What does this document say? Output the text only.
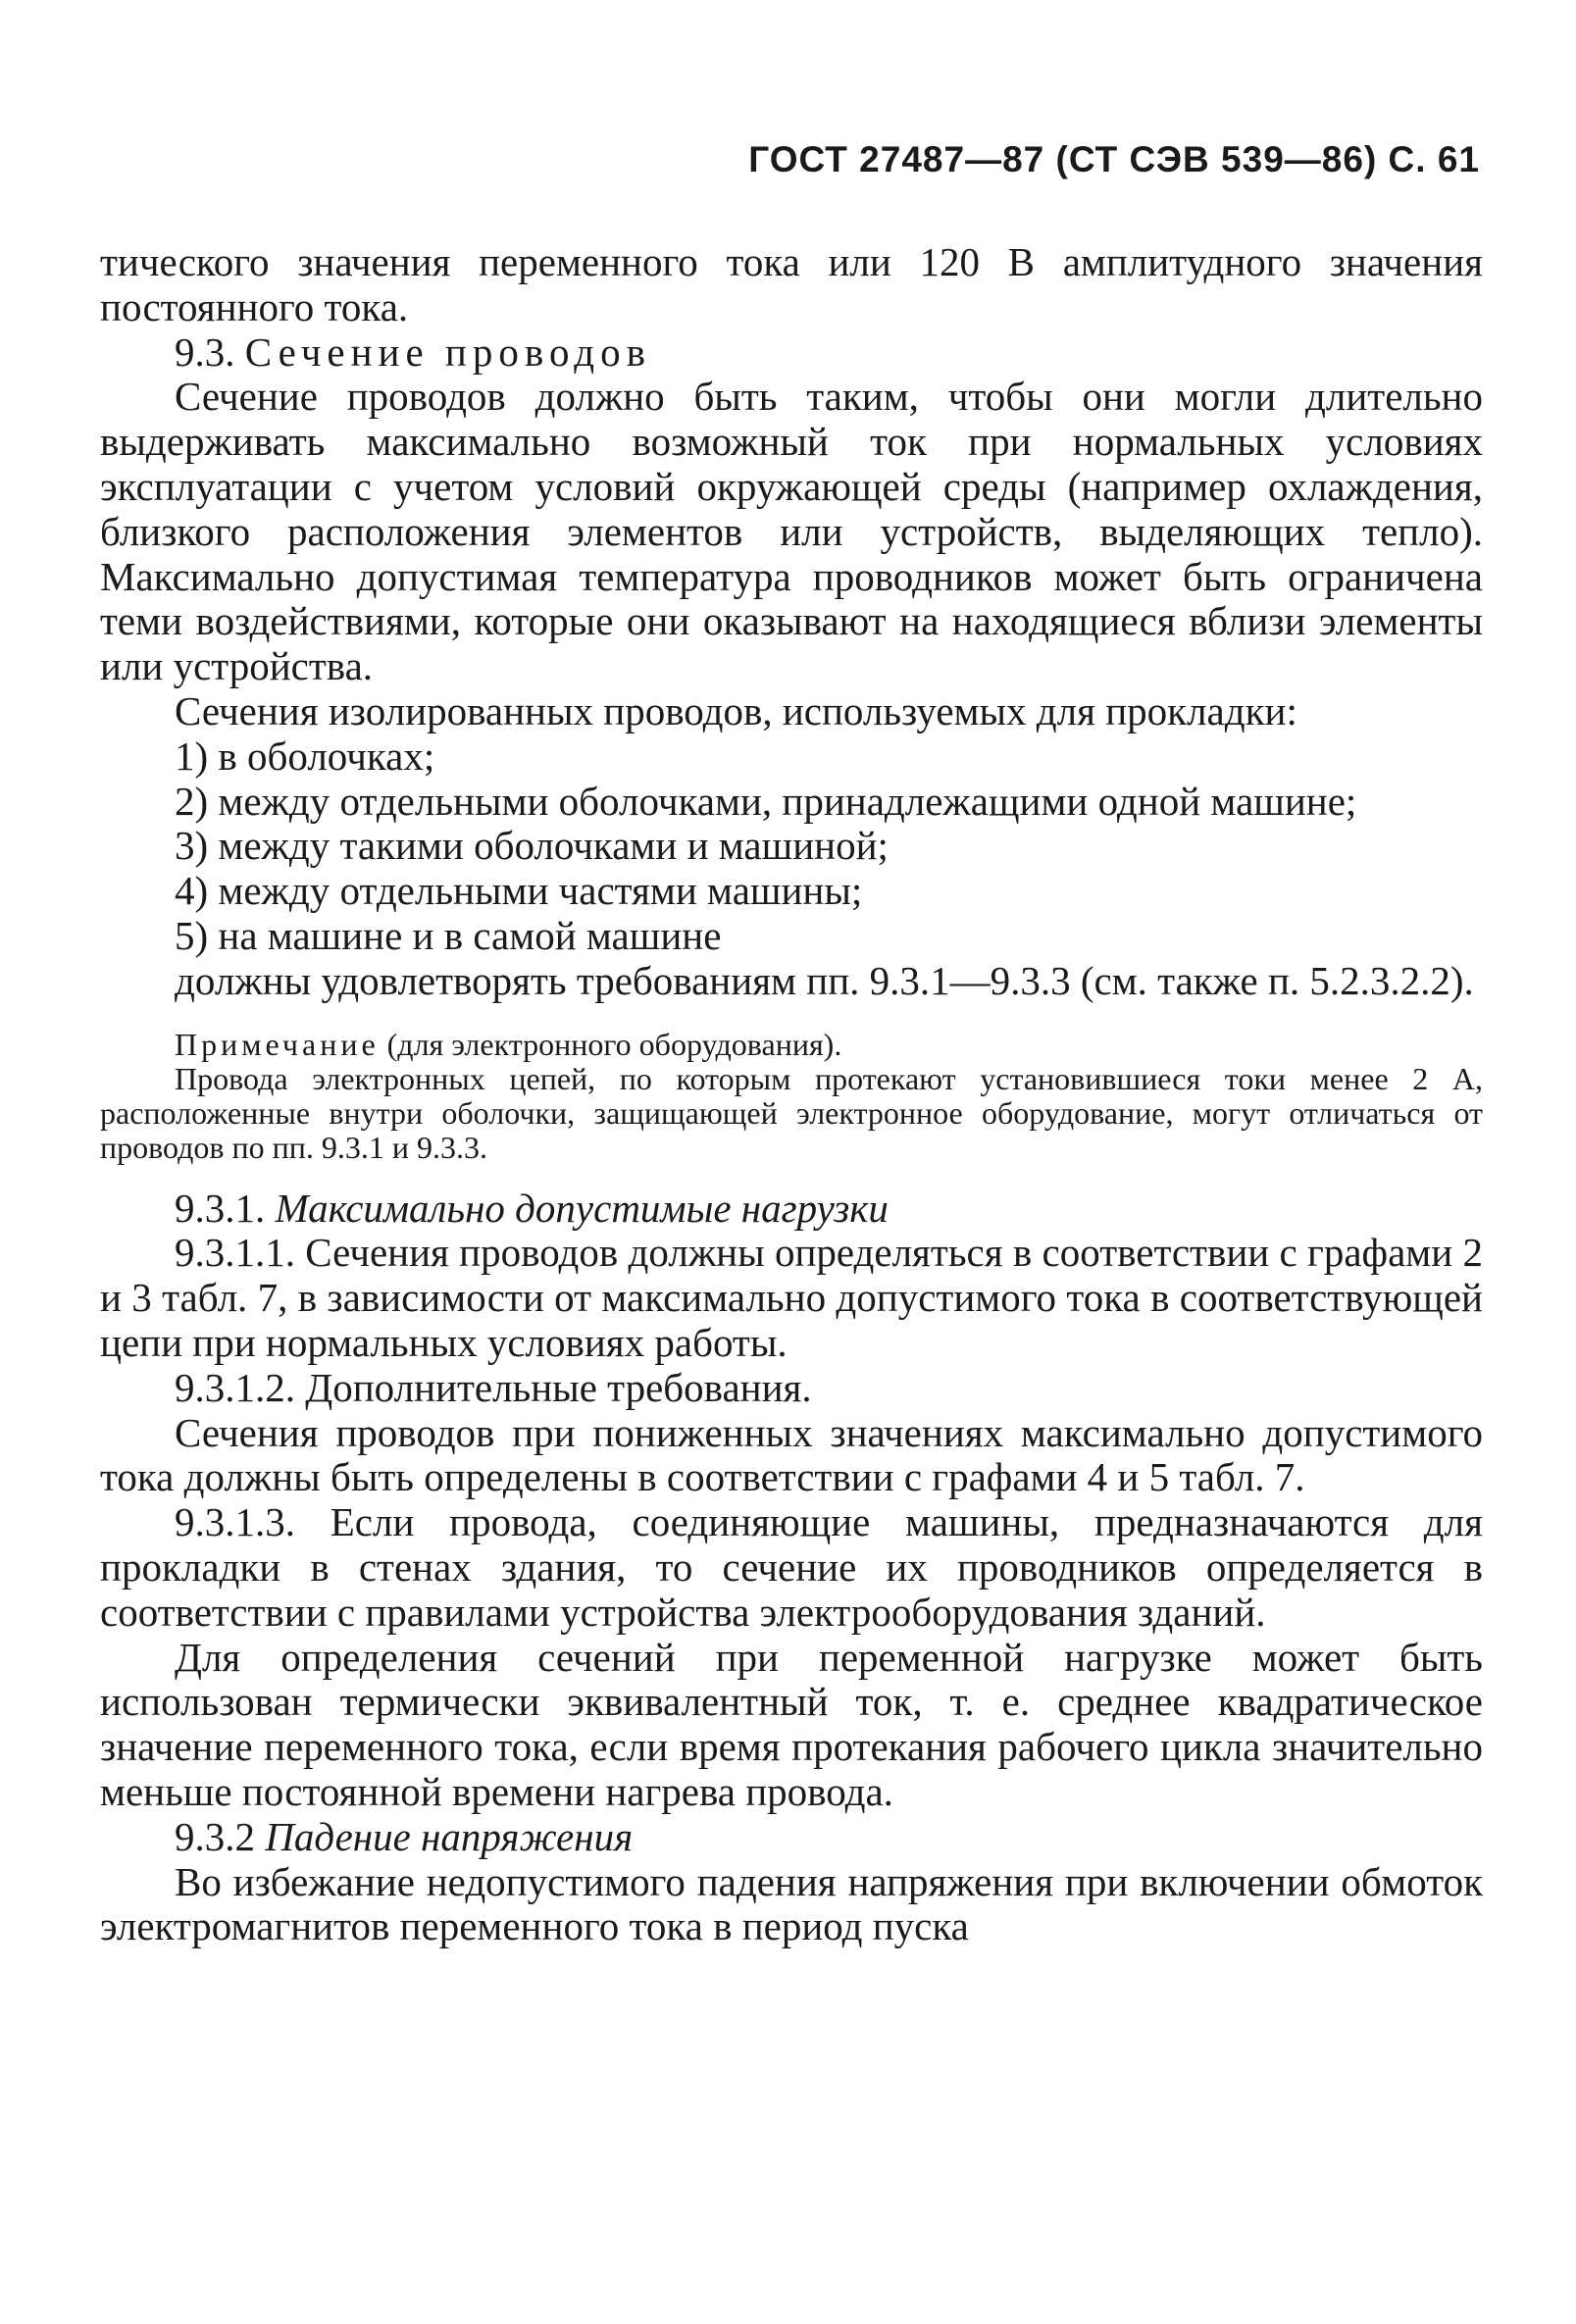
ГОСТ 27487—87 (СТ СЭВ 539—86) С. 61

тического значения переменного тока или 120 В амплитудного значения постоянного тока.

9.3. Сечение проводов

Сечение проводов должно быть таким, чтобы они могли длительно выдерживать максимально возможный ток при нормальных условиях эксплуатации с учетом условий окружающей среды (например охлаждения, близкого расположения элементов или устройств, выделяющих тепло). Максимально допустимая температура проводников может быть ограничена теми воздействиями, которые они оказывают на находящиеся вблизи элементы или устройства.

Сечения изолированных проводов, используемых для прокладки:

1) в оболочках;

2) между отдельными оболочками, принадлежащими одной машине;

3) между такими оболочками и машиной;

4) между отдельными частями машины;

5) на машине и в самой машине

должны удовлетворять требованиям пп. 9.3.1—9.3.3 (см. также п. 5.2.3.2.2).

Примечание (для электронного оборудования).

Провода электронных цепей, по которым протекают установившиеся токи менее 2 А, расположенные внутри оболочки, защищающей электронное оборудование, могут отличаться от проводов по пп. 9.3.1 и 9.3.3.

9.3.1. Максимально допустимые нагрузки

9.3.1.1. Сечения проводов должны определяться в соответствии с графами 2 и 3 табл. 7, в зависимости от максимально допустимого тока в соответствующей цепи при нормальных условиях работы.

9.3.1.2. Дополнительные требования.

Сечения проводов при пониженных значениях максимально допустимого тока должны быть определены в соответствии с графами 4 и 5 табл. 7.

9.3.1.3. Если провода, соединяющие машины, предназначаются для прокладки в стенах здания, то сечение их проводников определяется в соответствии с правилами устройства электрооборудования зданий.

Для определения сечений при переменной нагрузке может быть использован термически эквивалентный ток, т. е. среднее квадратическое значение переменного тока, если время протекания рабочего цикла значительно меньше постоянной времени нагрева провода.

9.3.2 Падение напряжения

Во избежание недопустимого падения напряжения при включении обмоток электромагнитов переменного тока в период пуска
